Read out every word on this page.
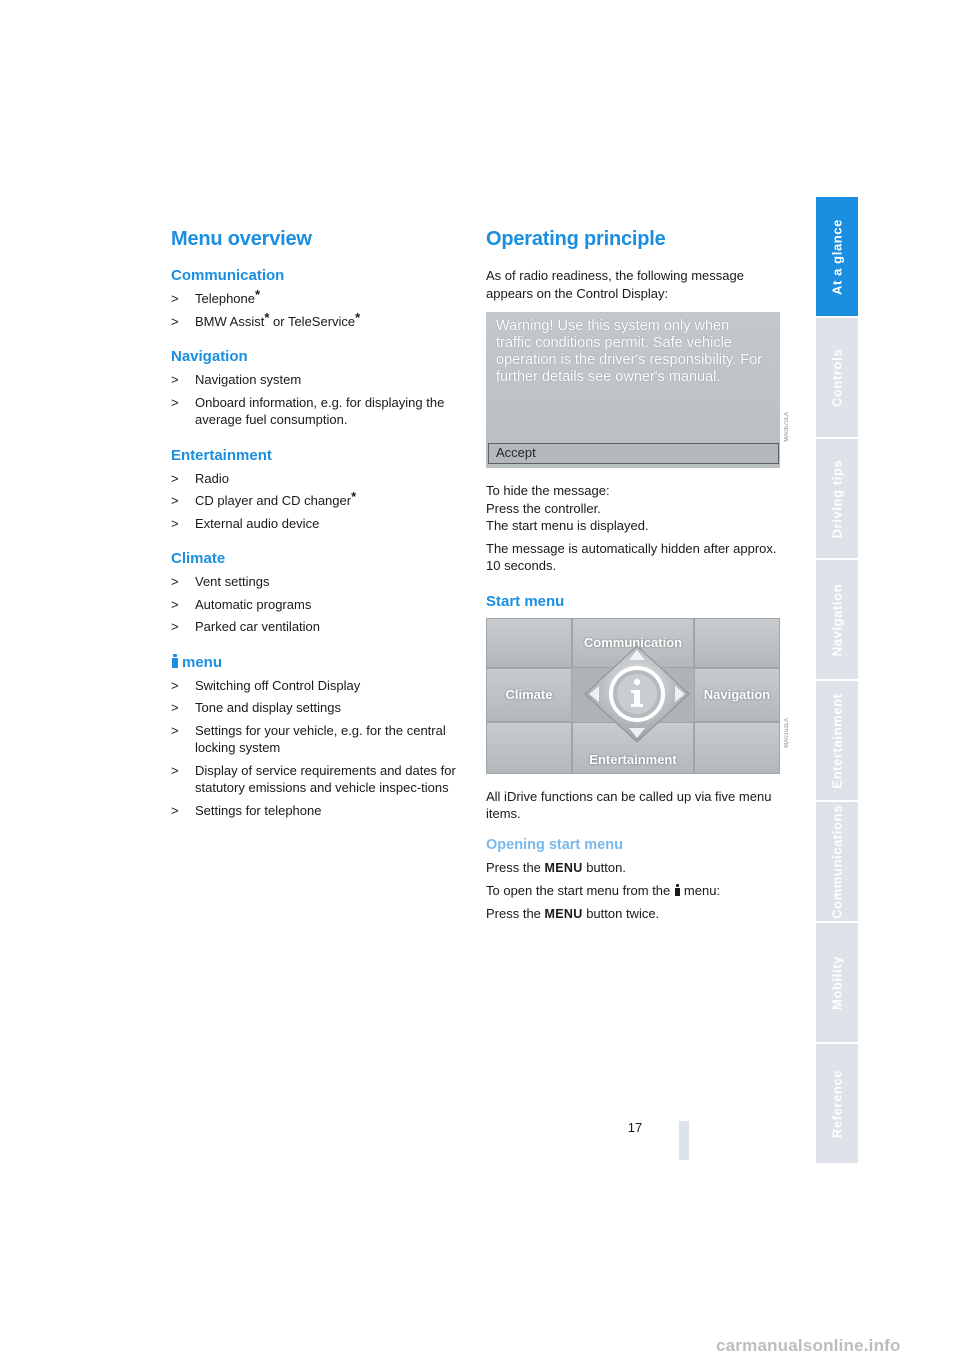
Menu overview
Communication
> Telephone*
> BMW Assist* or TeleService*
Navigation
> Navigation system
> Onboard information, e.g. for displaying the average fuel consumption.
Entertainment
> Radio
> CD player and CD changer*
> External audio device
Climate
> Vent settings
> Automatic programs
> Parked car ventilation
menu
> Switching off Control Display
> Tone and display settings
> Settings for your vehicle, e.g. for the central locking system
> Display of service requirements and dates for statutory emissions and vehicle inspec-tions
> Settings for telephone
Operating principle

As of radio readiness, the following message appears on the Control Display:

Warning! Use this system only when traffic conditions permit. Safe vehicle operation is the driver's responsibility. For further details see owner's manual.
Accept
MA0670LA

To hide the message:

Press the controller.

The start menu is displayed.

The message is automatically hidden after approx. 10 seconds.

Start menu
Communication
Climate	Navigation
Entertainment
MA0153LA

All iDrive functions can be called up via five menu items.

Opening start menu

Press the MENU button.

To open the start menu from the menu:

Press the MENU button twice.

At a glance
Controls
Driving tips
Navigation
Entertainment
Communications
Mobility
Reference
17
carmanualsonline.info
